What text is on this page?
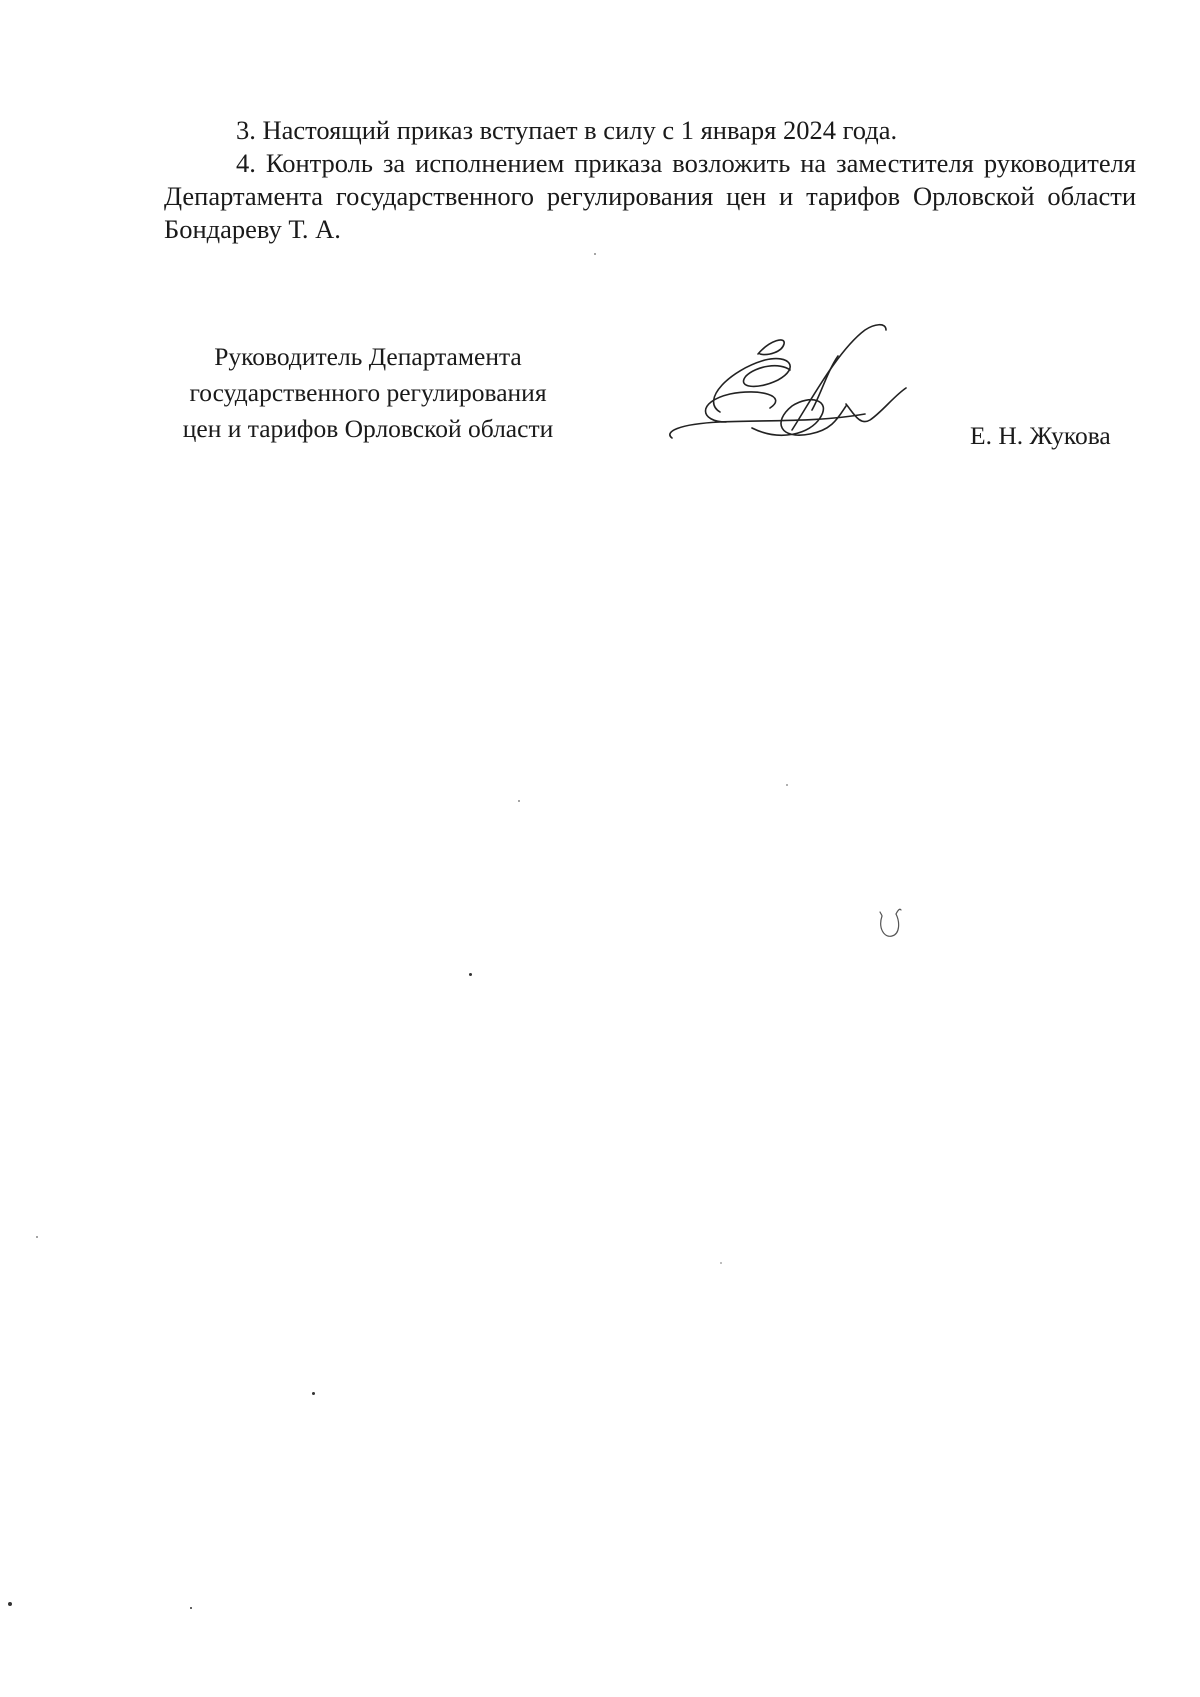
3. Настоящий приказ вступает в силу с 1 января 2024 года.

4. Контроль за исполнением приказа возложить на заместителя руководителя Департамента государственного регулирования цен и тарифов Орловской области Бондареву Т. А.

Руководитель Департамента
государственного регулирования
цен и тарифов Орловской области	Е. Н. Жукова
